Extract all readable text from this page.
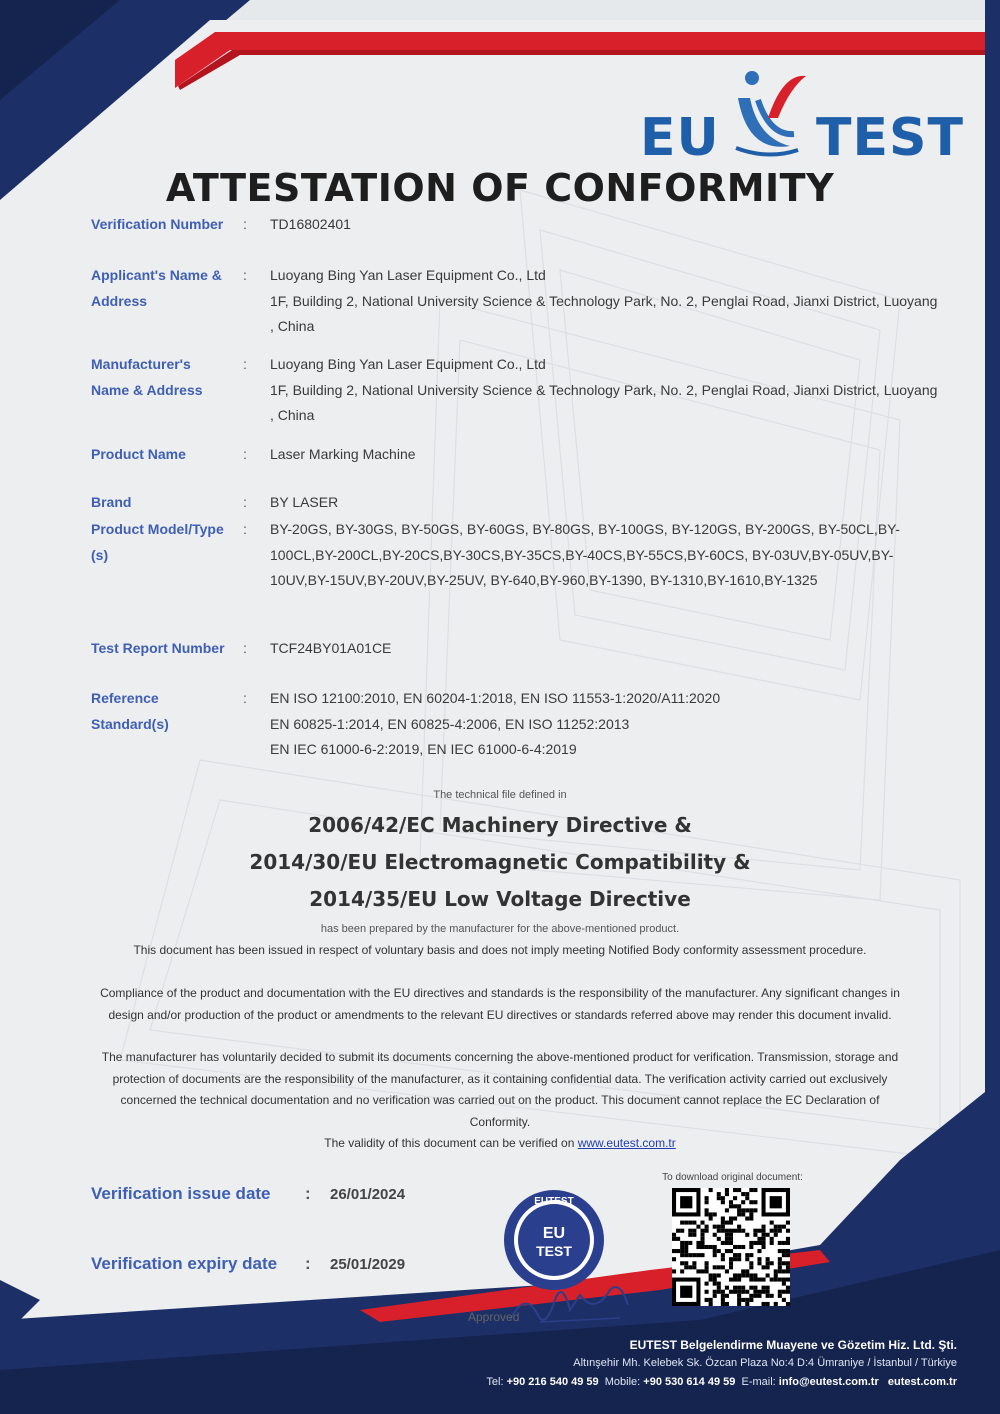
EU TEST
ATTESTATION OF CONFORMITY
Verification Number	: TD16802401
Applicant's Name & Address
: Luoyang Bing Yan Laser Equipment Co., Ltd
1F, Building 2, National University Science & Technology Park, No. 2, Penglai Road, Jianxi District, Luoyang , China
Manufacturer's Name & Address
: Luoyang Bing Yan Laser Equipment Co., Ltd
1F, Building 2, National University Science & Technology Park, No. 2, Penglai Road, Jianxi District, Luoyang , China
Product Name	: Laser Marking Machine
Brand	: BY LASER
Product Model/Type (s)
: BY-20GS, BY-30GS, BY-50GS, BY-60GS, BY-80GS, BY-100GS, BY-120GS, BY-200GS, BY-50CL,BY-100CL,BY-200CL,BY-20CS,BY-30CS,BY-35CS,BY-40CS,BY-55CS,BY-60CS, BY-03UV,BY-05UV,BY-10UV,BY-15UV,BY-20UV,BY-25UV, BY-640,BY-960,BY-1390, BY-1310,BY-1610,BY-1325
Test Report Number	: TCF24BY01A01CE
Reference Standard(s)
: EN ISO 12100:2010, EN 60204-1:2018, EN ISO 11553-1:2020/A11:2020
EN 60825-1:2014, EN 60825-4:2006, EN ISO 11252:2013
EN IEC 61000-6-2:2019, EN IEC 61000-6-4:2019
The technical file defined in
2006/42/EC Machinery Directive &
2014/30/EU Electromagnetic Compatibility &
2014/35/EU Low Voltage Directive
has been prepared by the manufacturer for the above-mentioned product.
This document has been issued in respect of voluntary basis and does not imply meeting Notified Body conformity assessment procedure.
Compliance of the product and documentation with the EU directives and standards is the responsibility of the manufacturer. Any significant changes in design and/or production of the product or amendments to the relevant EU directives or standards referred above may render this document invalid.
The manufacturer has voluntarily decided to submit its documents concerning the above-mentioned product for verification. Transmission, storage and protection of documents are the responsibility of the manufacturer, as it containing confidential data. The verification activity carried out exclusively concerned the technical documentation and no verification was carried out on the product. This document cannot replace the EC Declaration of Conformity.
The validity of this document can be verified on www.eutest.com.tr
Verification issue date : 26/01/2024
Verification expiry date : 25/01/2029
EUTEST
EU
TEST
Approved
To download original document:
EUTEST Belgelendirme Muayene ve Gözetim Hiz. Ltd. Şti.
Altınşehir Mh. Kelebek Sk. Özcan Plaza No:4 D:4 Ümraniye / İstanbul / Türkiye
Tel: +90 216 540 49 59 Mobile: +90 530 614 49 59 E-mail: info@eutest.com.tr eutest.com.tr
